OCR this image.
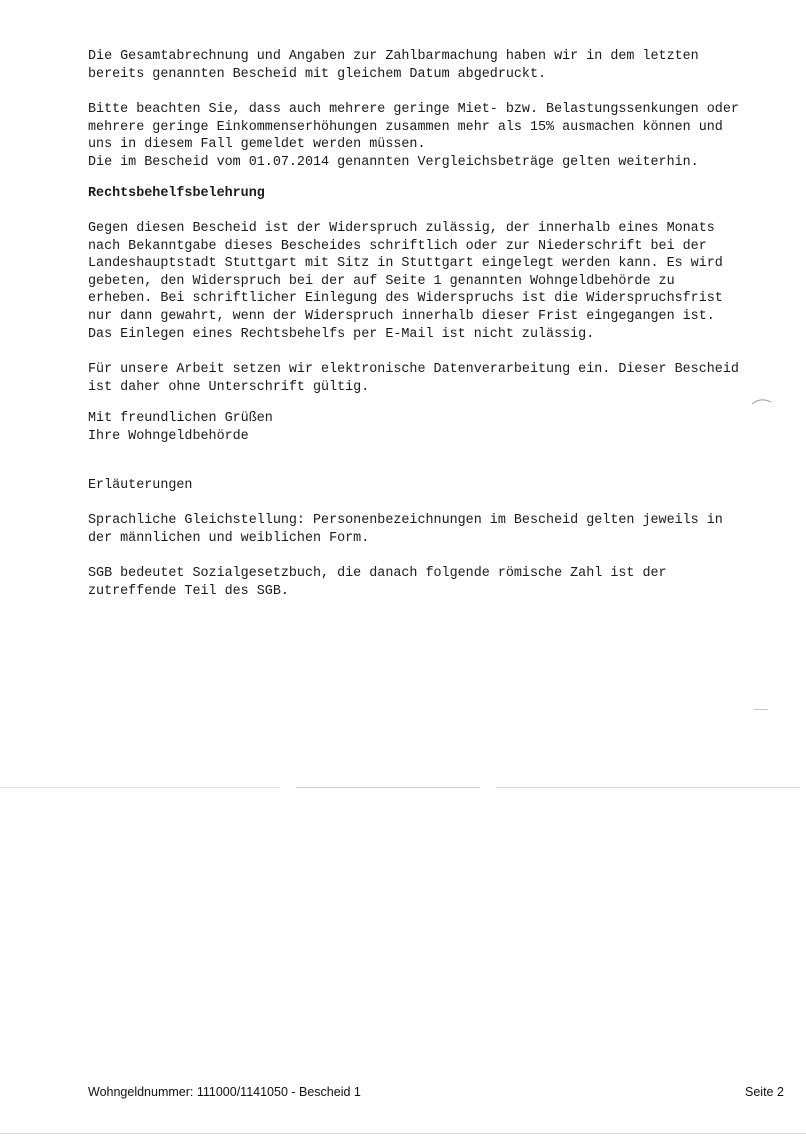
Die Gesamtabrechnung und Angaben zur Zahlbarmachung haben wir in dem letzten
bereits genannten Bescheid mit gleichem Datum abgedruckt.
Bitte beachten Sie, dass auch mehrere geringe Miet- bzw. Belastungssenkungen oder
mehrere geringe Einkommenserhöhungen zusammen mehr als 15% ausmachen können und
uns in diesem Fall gemeldet werden müssen.
Die im Bescheid vom 01.07.2014 genannten Vergleichsbeträge gelten weiterhin.
Rechtsbehelfsbelehrung
Gegen diesen Bescheid ist der Widerspruch zulässig, der innerhalb eines Monats
nach Bekanntgabe dieses Bescheides schriftlich oder zur Niederschrift bei der
Landeshauptstadt Stuttgart mit Sitz in Stuttgart eingelegt werden kann. Es wird
gebeten, den Widerspruch bei der auf Seite 1 genannten Wohngeldbehörde zu
erheben. Bei schriftlicher Einlegung des Widerspruchs ist die Widerspruchsfrist
nur dann gewahrt, wenn der Widerspruch innerhalb dieser Frist eingegangen ist.
Das Einlegen eines Rechtsbehelfs per E-Mail ist nicht zulässig.
Für unsere Arbeit setzen wir elektronische Datenverarbeitung ein. Dieser Bescheid
ist daher ohne Unterschrift gültig.
Mit freundlichen Grüßen
Ihre Wohngeldbehörde
Erläuterungen
Sprachliche Gleichstellung: Personenbezeichnungen im Bescheid gelten jeweils in
der männlichen und weiblichen Form.
SGB bedeutet Sozialgesetzbuch, die danach folgende römische Zahl ist der
zutreffende Teil des SGB.
Wohngeldnummer: 111000/1141050 - Bescheid 1	Seite 2
